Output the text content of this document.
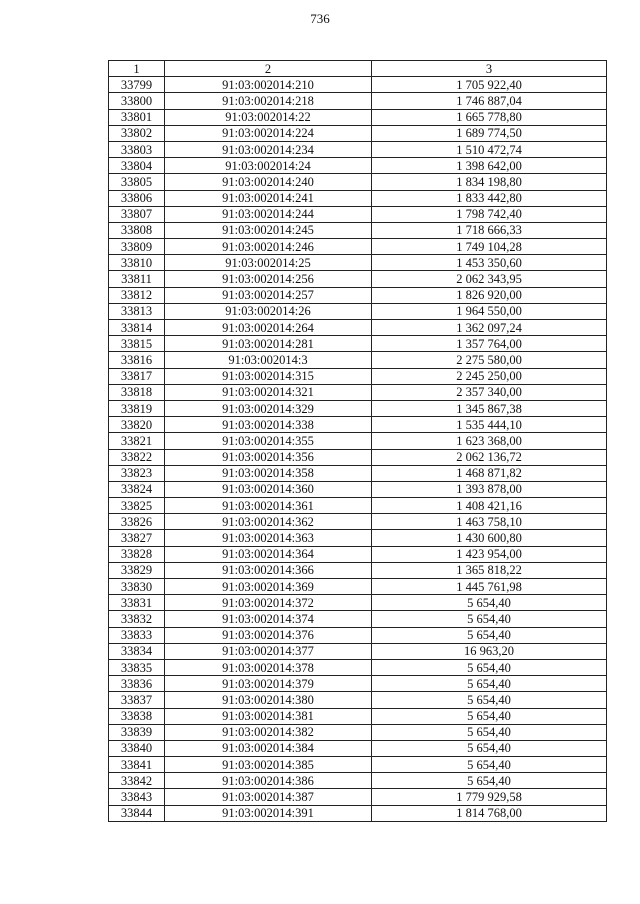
736
1	2	3
33799	91:03:002014:210	1 705 922,40
33800	91:03:002014:218	1 746 887,04
33801	91:03:002014:22	1 665 778,80
33802	91:03:002014:224	1 689 774,50
33803	91:03:002014:234	1 510 472,74
33804	91:03:002014:24	1 398 642,00
33805	91:03:002014:240	1 834 198,80
33806	91:03:002014:241	1 833 442,80
33807	91:03:002014:244	1 798 742,40
33808	91:03:002014:245	1 718 666,33
33809	91:03:002014:246	1 749 104,28
33810	91:03:002014:25	1 453 350,60
33811	91:03:002014:256	2 062 343,95
33812	91:03:002014:257	1 826 920,00
33813	91:03:002014:26	1 964 550,00
33814	91:03:002014:264	1 362 097,24
33815	91:03:002014:281	1 357 764,00
33816	91:03:002014:3	2 275 580,00
33817	91:03:002014:315	2 245 250,00
33818	91:03:002014:321	2 357 340,00
33819	91:03:002014:329	1 345 867,38
33820	91:03:002014:338	1 535 444,10
33821	91:03:002014:355	1 623 368,00
33822	91:03:002014:356	2 062 136,72
33823	91:03:002014:358	1 468 871,82
33824	91:03:002014:360	1 393 878,00
33825	91:03:002014:361	1 408 421,16
33826	91:03:002014:362	1 463 758,10
33827	91:03:002014:363	1 430 600,80
33828	91:03:002014:364	1 423 954,00
33829	91:03:002014:366	1 365 818,22
33830	91:03:002014:369	1 445 761,98
33831	91:03:002014:372	5 654,40
33832	91:03:002014:374	5 654,40
33833	91:03:002014:376	5 654,40
33834	91:03:002014:377	16 963,20
33835	91:03:002014:378	5 654,40
33836	91:03:002014:379	5 654,40
33837	91:03:002014:380	5 654,40
33838	91:03:002014:381	5 654,40
33839	91:03:002014:382	5 654,40
33840	91:03:002014:384	5 654,40
33841	91:03:002014:385	5 654,40
33842	91:03:002014:386	5 654,40
33843	91:03:002014:387	1 779 929,58
33844	91:03:002014:391	1 814 768,00
